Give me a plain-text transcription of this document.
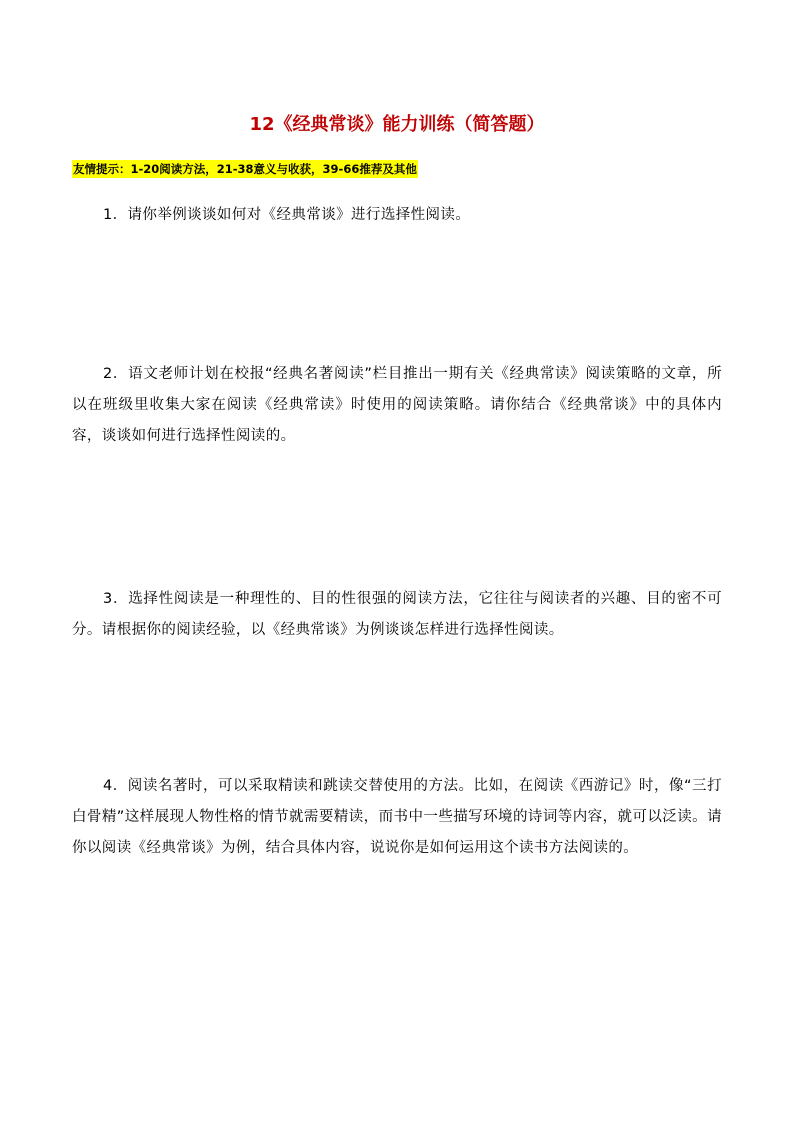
12《经典常谈》能力训练（简答题）
友情提示：1-20阅读方法，21-38意义与收获，39-66推荐及其他

1．请你举例谈谈如何对《经典常谈》进行选择性阅读。

2．语文老师计划在校报“经典名著阅读”栏目推出一期有关《经典常读》阅读策略的文章，所以在班级里收集大家在阅读《经典常读》时使用的阅读策略。请你结合《经典常谈》中的具体内容，谈谈如何进行选择性阅读的。

3．选择性阅读是一种理性的、目的性很强的阅读方法，它往往与阅读者的兴趣、目的密不可分。请根据你的阅读经验，以《经典常谈》为例谈谈怎样进行选择性阅读。

4．阅读名著时，可以采取精读和跳读交替使用的方法。比如，在阅读《西游记》时，像“三打白骨精”这样展现人物性格的情节就需要精读，而书中一些描写环境的诗词等内容，就可以泛读。请你以阅读《经典常谈》为例，结合具体内容，说说你是如何运用这个读书方法阅读的。
